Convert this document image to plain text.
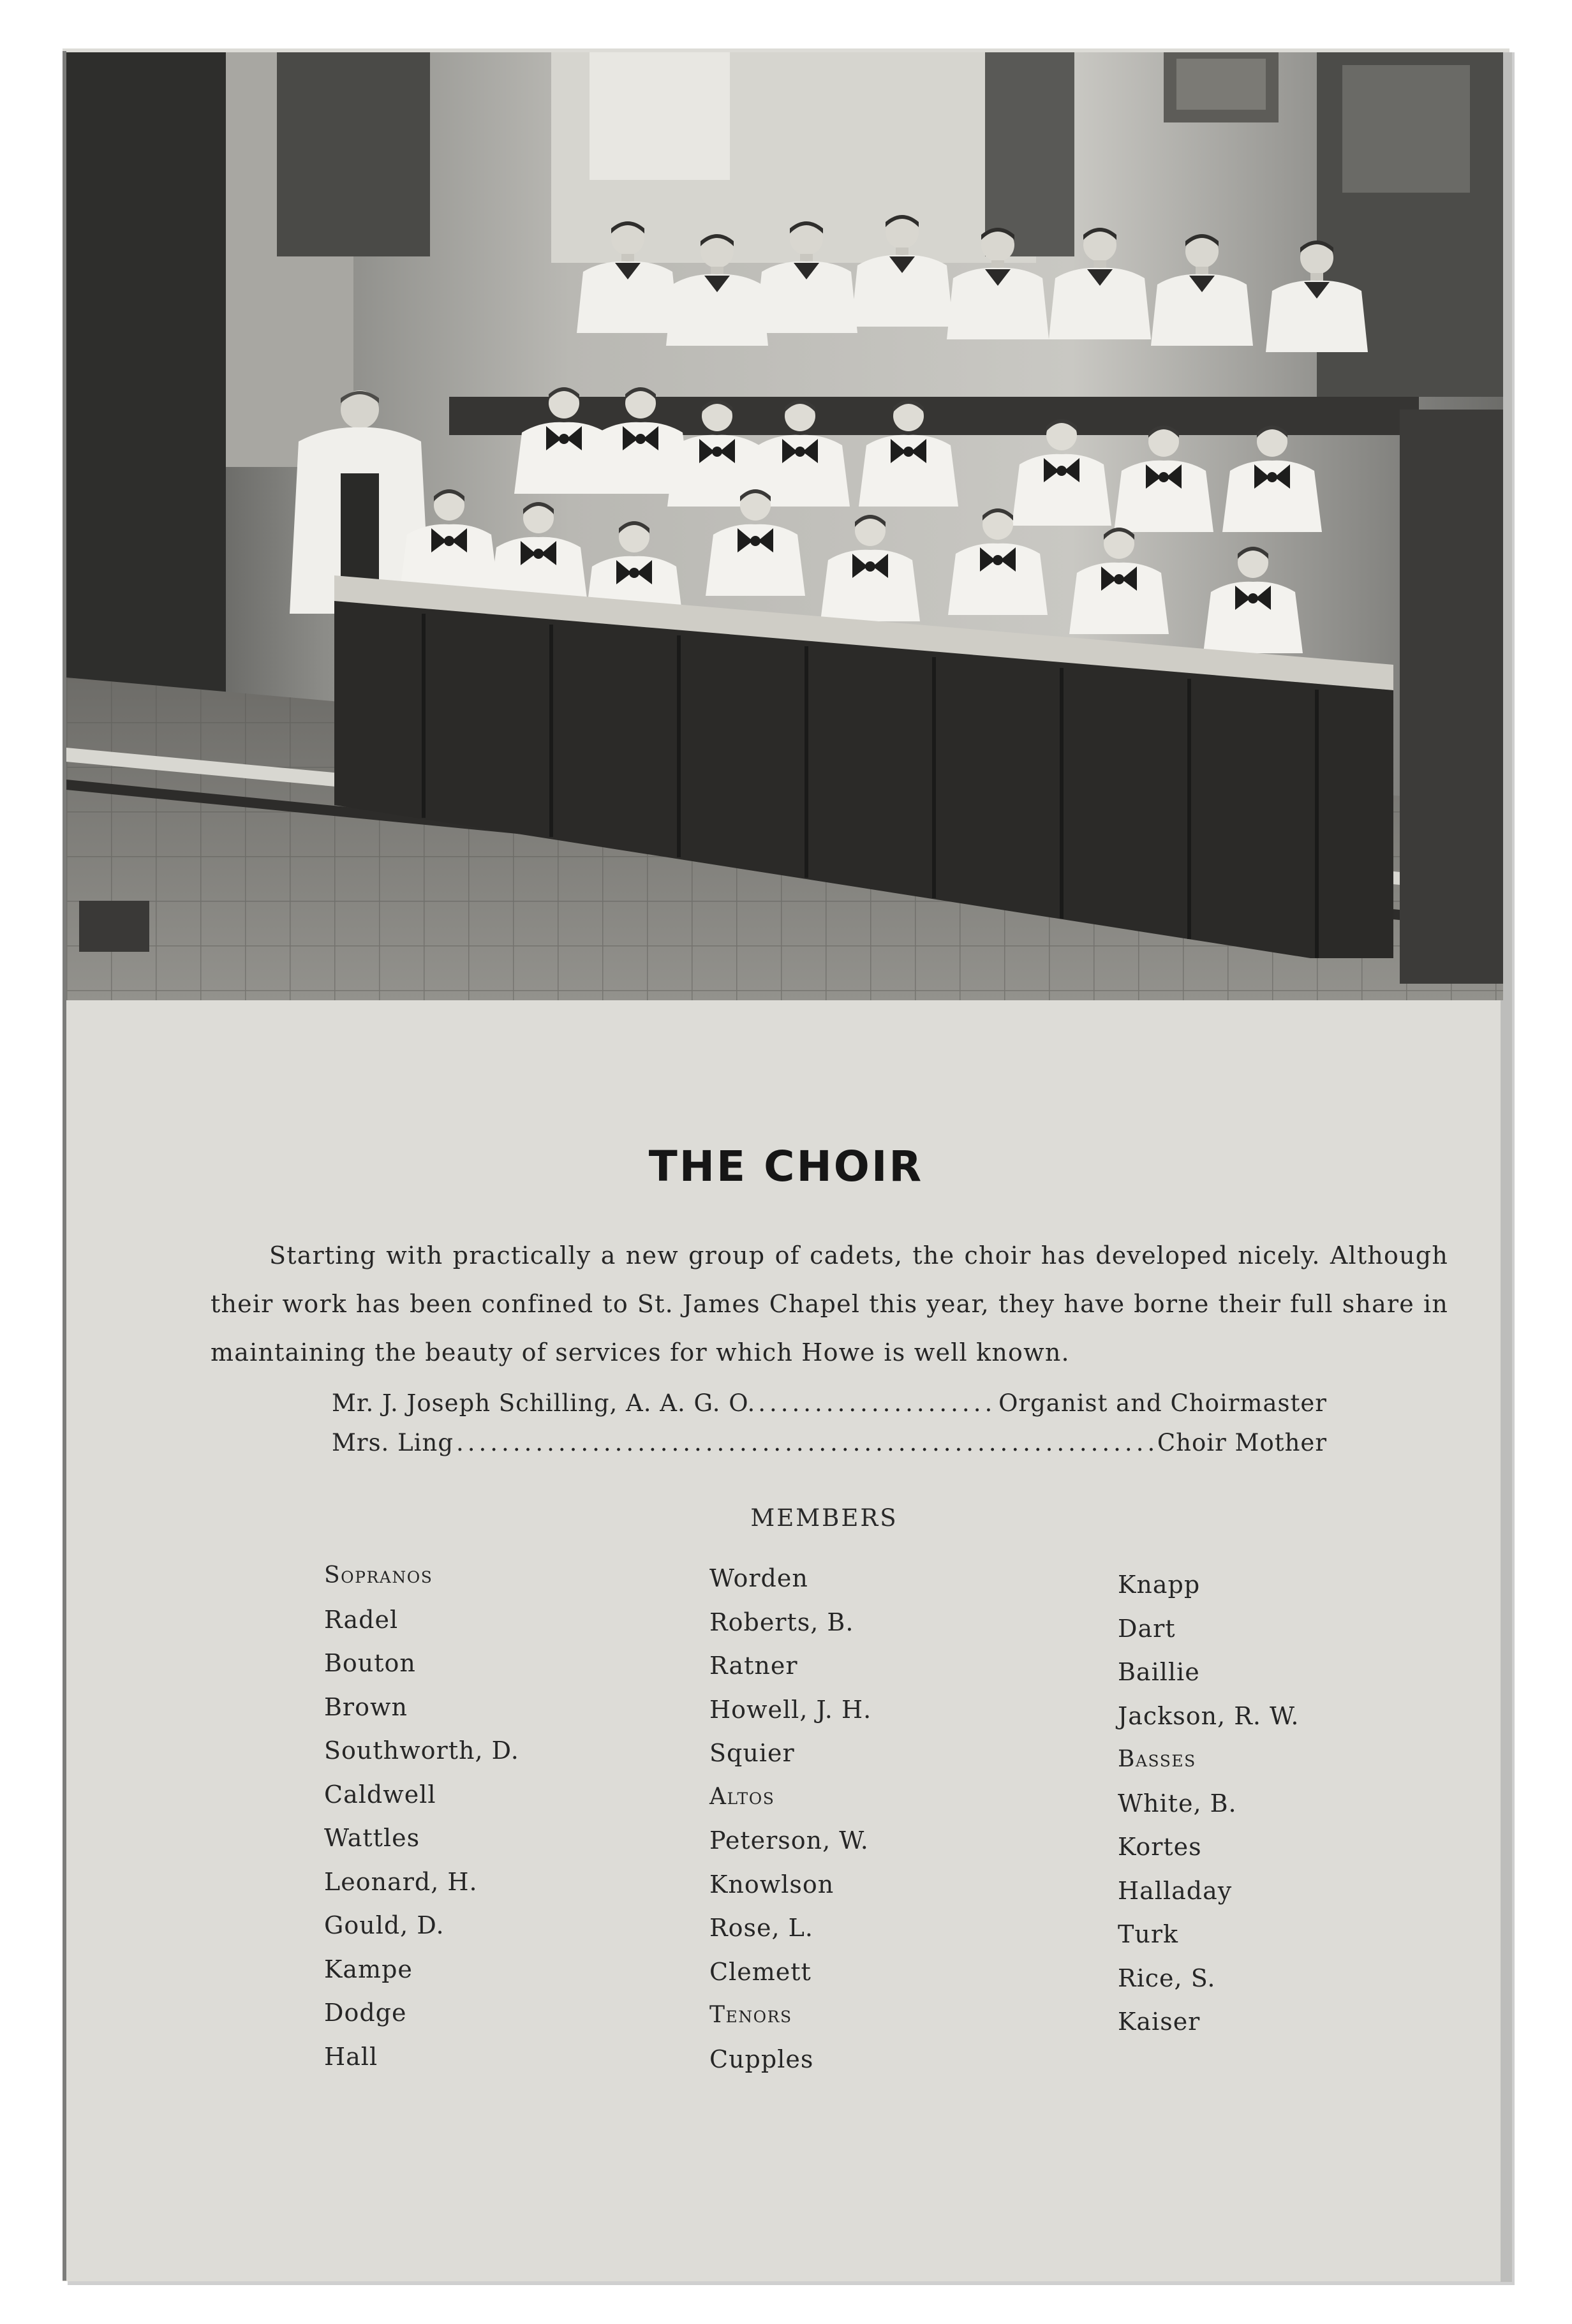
THE CHOIR
Starting with practically a new group of cadets, the choir has developed nicely. Although their work has been confined to St. James Chapel this year, they have borne their full share in maintaining the beauty of services for which Howe is well known.
Mr. J. Joseph Schilling, A. A. G. O. .....	Organist and Choirmaster
Mrs. Ling .....	Choir Mother
MEMBERS
Sopranos
Radel
Bouton
Brown
Southworth, D.
Caldwell
Wattles
Leonard, H.
Gould, D.
Kampe
Dodge
Hall
Worden
Roberts, B.
Ratner
Howell, J. H.
Squier
Altos
Peterson, W.
Knowlson
Rose, L.
Clemett
Tenors
Cupples
Knapp
Dart
Baillie
Jackson, R. W.
Basses
White, B.
Kortes
Halladay
Turk
Rice, S.
Kaiser
